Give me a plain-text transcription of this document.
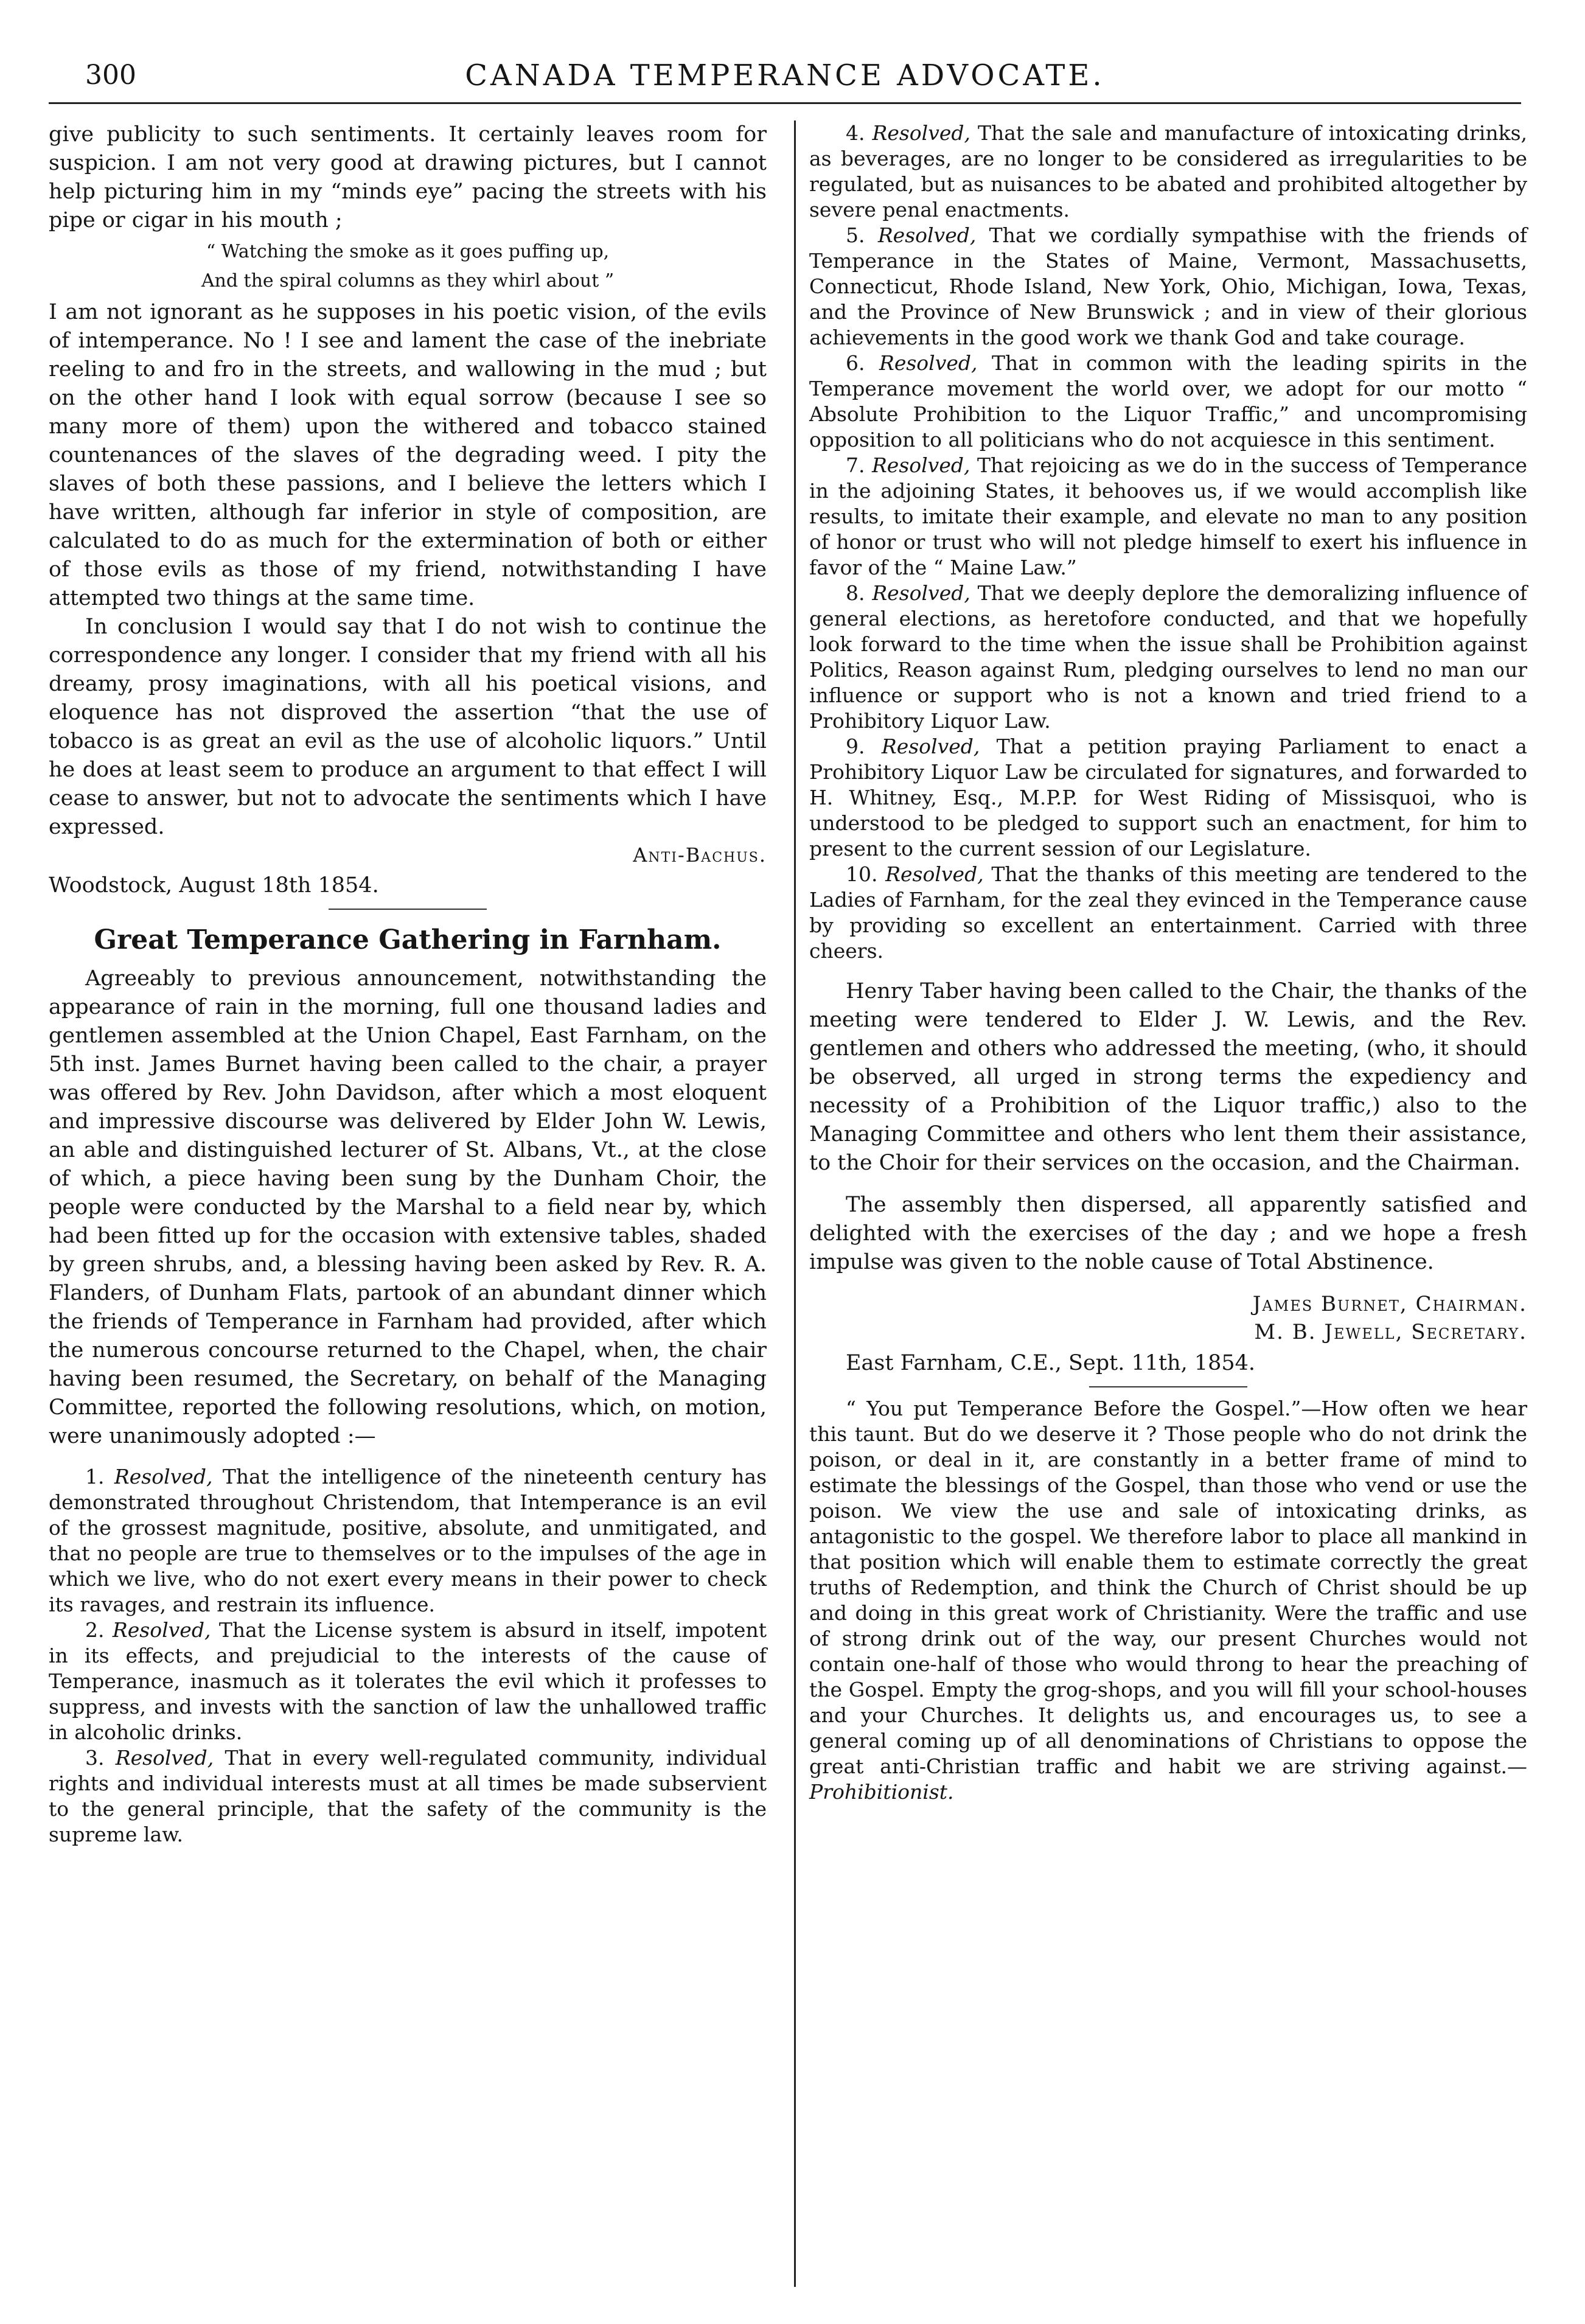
300	CANADA TEMPERANCE ADVOCATE.

give publicity to such sentiments. It certainly leaves room for suspicion. I am not very good at drawing pictures, but I cannot help picturing him in my “minds eye” pacing the streets with his pipe or cigar in his mouth ;

“ Watching the smoke as it goes puffing up,

And the spiral columns as they whirl about ”

I am not ignorant as he supposes in his poetic vision, of the evils of intemperance. No ! I see and lament the case of the inebriate reeling to and fro in the streets, and wallowing in the mud ; but on the other hand I look with equal sorrow (because I see so many more of them) upon the withered and tobacco stained countenances of the slaves of the degrading weed. I pity the slaves of both these passions, and I believe the letters which I have written, although far inferior in style of composition, are calculated to do as much for the extermination of both or either of those evils as those of my friend, notwithstanding I have attempted two things at the same time.

In conclusion I would say that I do not wish to continue the correspondence any longer. I consider that my friend with all his dreamy, prosy imaginations, with all his poetical visions, and eloquence has not disproved the assertion “that the use of tobacco is as great an evil as the use of alcoholic liquors.” Until he does at least seem to produce an argument to that effect I will cease to answer, but not to advocate the sentiments which I have expressed.

Anti-Bachus.

Woodstock, August 18th 1854.

Great Temperance Gathering in Farnham.

Agreeably to previous announcement, notwithstanding the appearance of rain in the morning, full one thousand ladies and gentlemen assembled at the Union Chapel, East Farnham, on the 5th inst. James Burnet having been called to the chair, a prayer was offered by Rev. John Davidson, after which a most eloquent and impressive discourse was delivered by Elder John W. Lewis, an able and distinguished lecturer of St. Albans, Vt., at the close of which, a piece having been sung by the Dunham Choir, the people were conducted by the Marshal to a field near by, which had been fitted up for the occasion with extensive tables, shaded by green shrubs, and, a blessing having been asked by Rev. R. A. Flanders, of Dunham Flats, partook of an abundant dinner which the friends of Temperance in Farnham had provided, after which the numerous concourse returned to the Chapel, when, the chair having been resumed, the Secretary, on behalf of the Managing Committee, reported the following resolutions, which, on motion, were unanimously adopted :—

1. Resolved, That the intelligence of the nineteenth century has demonstrated throughout Christendom, that Intemperance is an evil of the grossest magnitude, positive, absolute, and unmitigated, and that no people are true to themselves or to the impulses of the age in which we live, who do not exert every means in their power to check its ravages, and restrain its influence.

2. Resolved, That the License system is absurd in itself, impotent in its effects, and prejudicial to the interests of the cause of Temperance, inasmuch as it tolerates the evil which it professes to suppress, and invests with the sanction of law the unhallowed traffic in alcoholic drinks.

3. Resolved, That in every well-regulated community, individual rights and individual interests must at all times be made subservient to the general principle, that the safety of the community is the supreme law.

4. Resolved, That the sale and manufacture of intoxicating drinks, as beverages, are no longer to be considered as irregularities to be regulated, but as nuisances to be abated and prohibited altogether by severe penal enactments.

5. Resolved, That we cordially sympathise with the friends of Temperance in the States of Maine, Vermont, Massachusetts, Connecticut, Rhode Island, New York, Ohio, Michigan, Iowa, Texas, and the Province of New Brunswick ; and in view of their glorious achievements in the good work we thank God and take courage.

6. Resolved, That in common with the leading spirits in the Temperance movement the world over, we adopt for our motto “ Absolute Prohibition to the Liquor Traffic,” and uncompromising opposition to all politicians who do not acquiesce in this sentiment.

7. Resolved, That rejoicing as we do in the success of Temperance in the adjoining States, it behooves us, if we would accomplish like results, to imitate their example, and elevate no man to any position of honor or trust who will not pledge himself to exert his influence in favor of the “ Maine Law.”

8. Resolved, That we deeply deplore the demoralizing influence of general elections, as heretofore conducted, and that we hopefully look forward to the time when the issue shall be Prohibition against Politics, Reason against Rum, pledging ourselves to lend no man our influence or support who is not a known and tried friend to a Prohibitory Liquor Law.

9. Resolved, That a petition praying Parliament to enact a Prohibitory Liquor Law be circulated for signatures, and forwarded to H. Whitney, Esq., M.P.P. for West Riding of Missisquoi, who is understood to be pledged to support such an enactment, for him to present to the current session of our Legislature.

10. Resolved, That the thanks of this meeting are tendered to the Ladies of Farnham, for the zeal they evinced in the Temperance cause by providing so excellent an entertainment. Carried with three cheers.

Henry Taber having been called to the Chair, the thanks of the meeting were tendered to Elder J. W. Lewis, and the Rev. gentlemen and others who addressed the meeting, (who, it should be observed, all urged in strong terms the expediency and necessity of a Prohibition of the Liquor traffic,) also to the Managing Committee and others who lent them their assistance, to the Choir for their services on the occasion, and the Chairman.

The assembly then dispersed, all apparently satisfied and delighted with the exercises of the day ; and we hope a fresh impulse was given to the noble cause of Total Abstinence.

James Burnet, Chairman.

M. B. Jewell, Secretary.

East Farnham, C.E., Sept. 11th, 1854.

“ You put Temperance Before the Gospel.”—How often we hear this taunt. But do we deserve it ? Those people who do not drink the poison, or deal in it, are constantly in a better frame of mind to estimate the blessings of the Gospel, than those who vend or use the poison. We view the use and sale of intoxicating drinks, as antagonistic to the gospel. We therefore labor to place all mankind in that position which will enable them to estimate correctly the great truths of Redemption, and think the Church of Christ should be up and doing in this great work of Christianity. Were the traffic and use of strong drink out of the way, our present Churches would not contain one-half of those who would throng to hear the preaching of the Gospel. Empty the grog-shops, and you will fill your school-houses and your Churches. It delights us, and encourages us, to see a general coming up of all denominations of Christians to oppose the great anti-Christian traffic and habit we are striving against.—Prohibitionist.
